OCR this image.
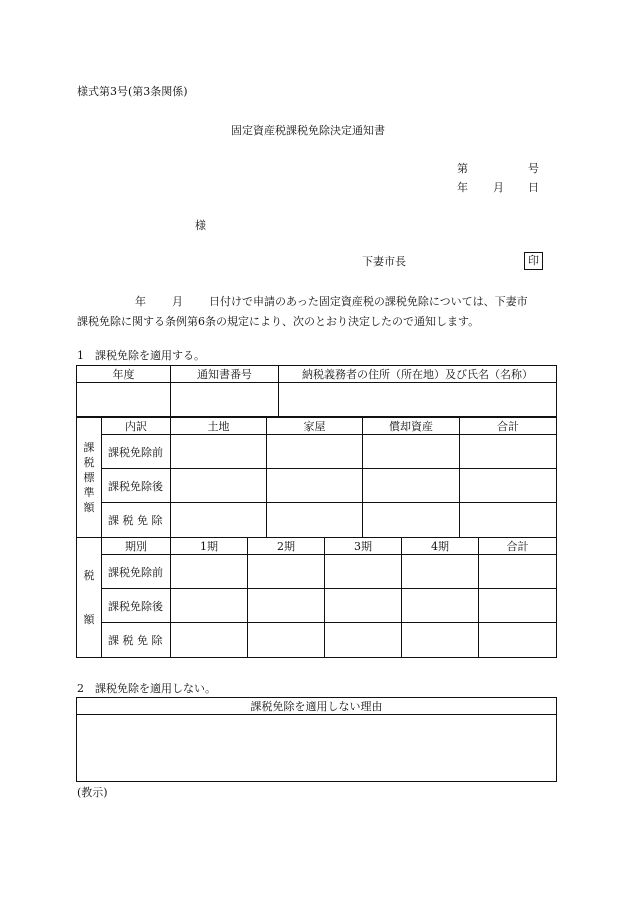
様式第3号(第3条関係)
固定資産税課税免除決定通知書
第	号
年 月 日
様
下妻市長	印
年 月 日付けで申請のあった固定資産税の課税免除については、下妻市
課税免除に関する条例第6条の規定により、次のとおり決定したので通知します。
1　課税免除を適用する。
年度	通知書番号	納税義務者の住所（所在地）及び氏名（名称）

課税標準額	内訳	土地	家屋	償却資産	合計
	課税免除前				
	課税免除後				
	課 税 免 除				
税額	期別	1期	2期	3期	4期	合計
	課税免除前					
	課税免除後					
	課 税 免 除					
2　課税免除を適用しない。
課税免除を適用しない理由

(教示)
